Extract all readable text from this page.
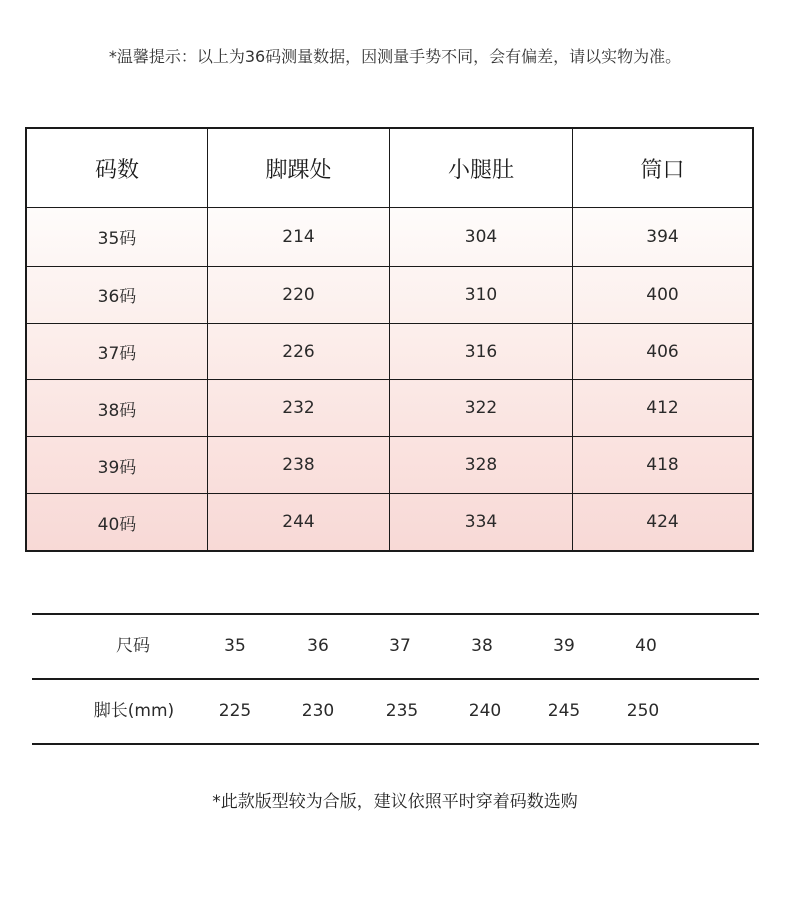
*温馨提示：以上为36码测量数据，因测量手势不同，会有偏差，请以实物为准。
码数	脚踝处	小腿肚	筒口
35码	214	304	394
36码	220	310	400
37码	226	316	406
38码	232	322	412
39码	238	328	418
40码	244	334	424
尺码	35	36	37	38	39	40
脚长(mm)	225	230	235	240	245	250
*此款版型较为合版，建议依照平时穿着码数选购
